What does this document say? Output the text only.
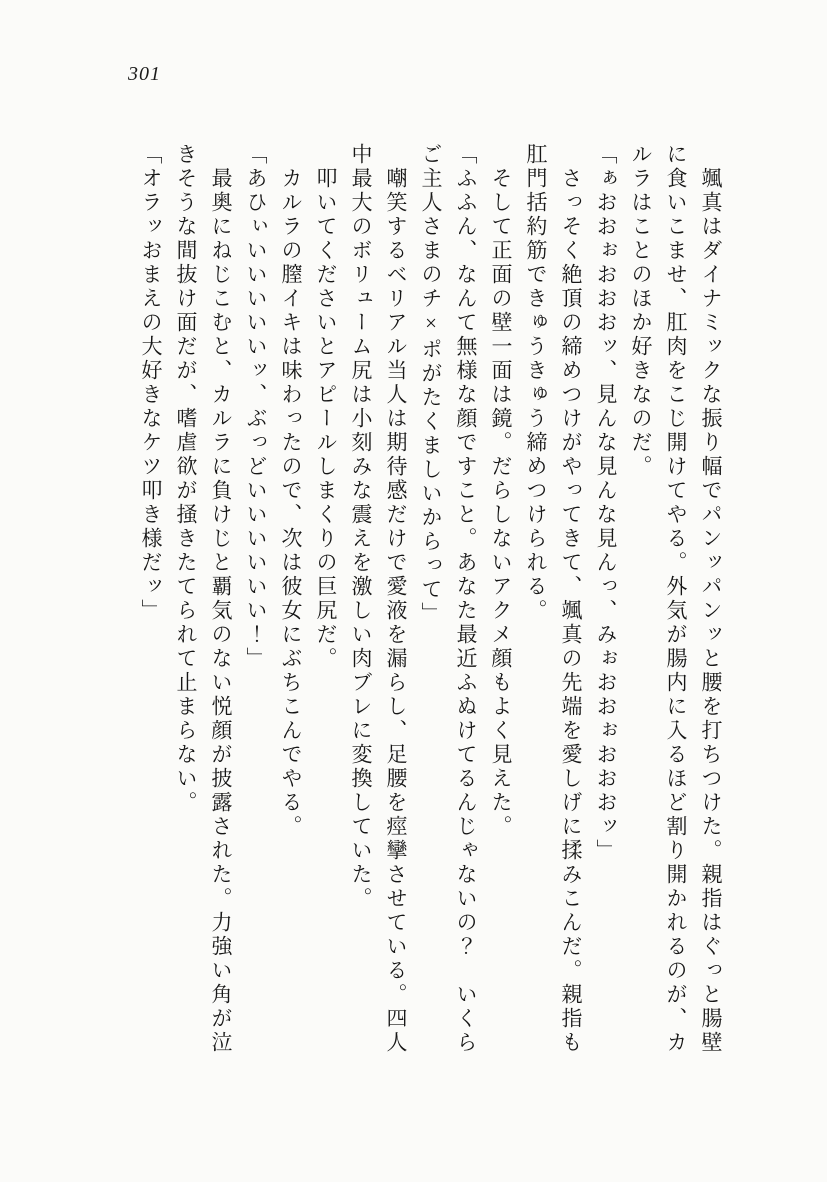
301
颯真はダイナミックな振り幅でパンッパンッと腰を打ちつけた。親指はぐっと腸壁
に食いこませ、肛肉をこじ開けてやる。外気が腸内に入るほど割り開かれるのが、カ
ルラはことのほか好きなのだ。
「ぁおおぉおおおッ、見んな見んな見んっ、みぉおおぉおおおッ」
さっそく絶頂の締めつけがやってきて、颯真の先端を愛しげに揉みこんだ。親指も
肛門括約筋できゅうきゅう締めつけられる。
そして正面の壁一面は鏡。だらしないアクメ顔もよく見えた。
「ふふん、なんて無様な顔ですこと。あなた最近ふぬけてるんじゃないの？　いくら
ご主人さまのチ×ポがたくましいからって」
嘲笑するベリアル当人は期待感だけで愛液を漏らし、足腰を痙攣させている。四人
中最大のボリューム尻は小刻みな震えを激しい肉ブレに変換していた。
叩いてくださいとアピールしまくりの巨尻だ。
カルラの膣イキは味わったので、次は彼女にぶちこんでやる。
「あひぃいいいいいッ、ぶっどいいいいいい！」
最奥にねじこむと、カルラに負けじと覇気のない悦顔が披露された。力強い角が泣
きそうな間抜け面だが、嗜虐欲が掻きたてられて止まらない。
「オラッおまえの大好きなケツ叩き様だッ」
